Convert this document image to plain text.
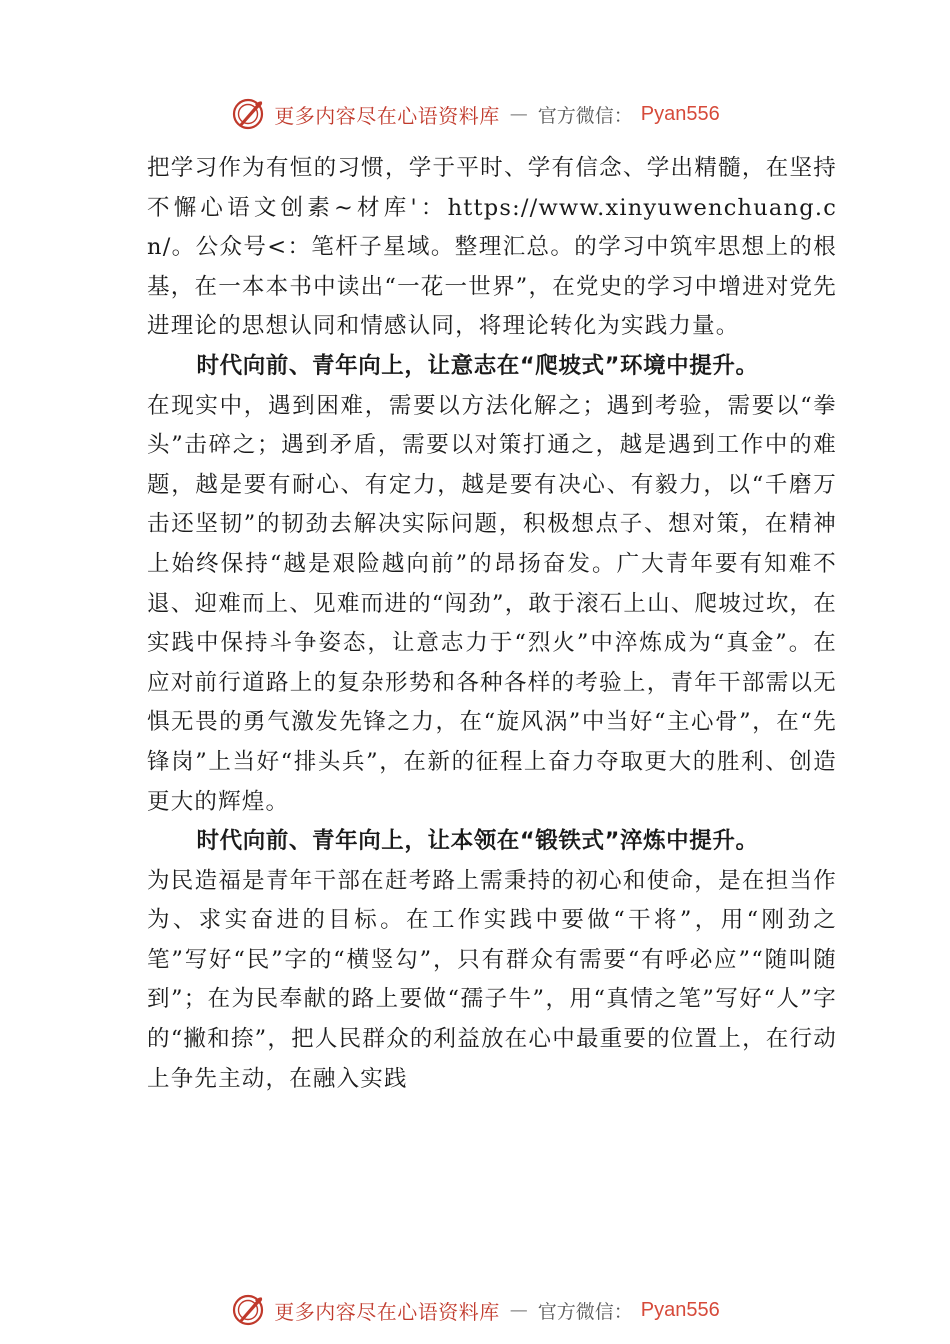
更多内容尽在心语资料库 — 官方微信： Pyan556

把学习作为有恒的习惯，学于平时、学有信念、学出精髓，在坚持不懈心语文创素~材库'：https://www.xinyuwenchuang.cn/。公众号<：笔杆子星域。整理汇总。的学习中筑牢思想上的根基，在一本本书中读出“一花一世界”，在党史的学习中增进对党先进理论的思想认同和情感认同，将理论转化为实践力量。

时代向前、青年向上，让意志在“爬坡式”环境中提升。

在现实中，遇到困难，需要以方法化解之；遇到考验，需要以“拳头”击碎之；遇到矛盾，需要以对策打通之，越是遇到工作中的难题，越是要有耐心、有定力，越是要有决心、有毅力，以“千磨万击还坚韧”的韧劲去解决实际问题，积极想点子、想对策，在精神上始终保持“越是艰险越向前”的昂扬奋发。广大青年要有知难不退、迎难而上、见难而进的“闯劲”，敢于滚石上山、爬坡过坎，在实践中保持斗争姿态，让意志力于“烈火”中淬炼成为“真金”。在应对前行道路上的复杂形势和各种各样的考验上，青年干部需以无惧无畏的勇气激发先锋之力，在“旋风涡”中当好“主心骨”，在“先锋岗”上当好“排头兵”，在新的征程上奋力夺取更大的胜利、创造更大的辉煌。

时代向前、青年向上，让本领在“锻铁式”淬炼中提升。

为民造福是青年干部在赶考路上需秉持的初心和使命，是在担当作为、求实奋进的目标。在工作实践中要做“干将”，用“刚劲之笔”写好“民”字的“横竖勾”，只有群众有需要“有呼必应”“随叫随到”；在为民奉献的路上要做“孺子牛”，用“真情之笔”写好“人”字的“撇和捺”，把人民群众的利益放在心中最重要的位置上，在行动上争先主动，在融入实践

更多内容尽在心语资料库 — 官方微信： Pyan556
